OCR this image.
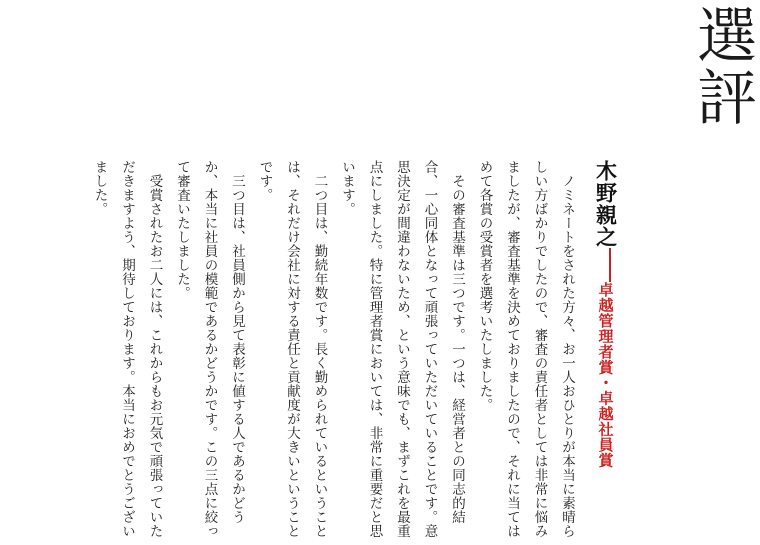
選評
木野親之卓越管理者賞・卓越社員賞

ノミネートをされた方々、お一人おひとりが本当に素晴らしい方ばかりでしたので、審査の責任者としては非常に悩みましたが、審査基準を決めておりましたので、それに当てはめて各賞の受賞者を選考いたしました。

その審査基準は三つです。一つは、経営者との同志的結合、一心同体となって頑張っていただいていることです。意思決定が間違わないため、という意味でも、まずこれを最重点にしました。特に管理者賞においては、非常に重要だと思います。

二つ目は、勤続年数です。長く勤められているということは、それだけ会社に対する責任と貢献度が大きいということです。

三つ目は、社員側から見て表彰に値する人であるかどうか、本当に社員の模範であるかどうかです。この三点に絞って審査いたしました。

受賞されたお二人には、これからもお元気で頑張っていただきますよう、期待しております。本当におめでとうございました。
